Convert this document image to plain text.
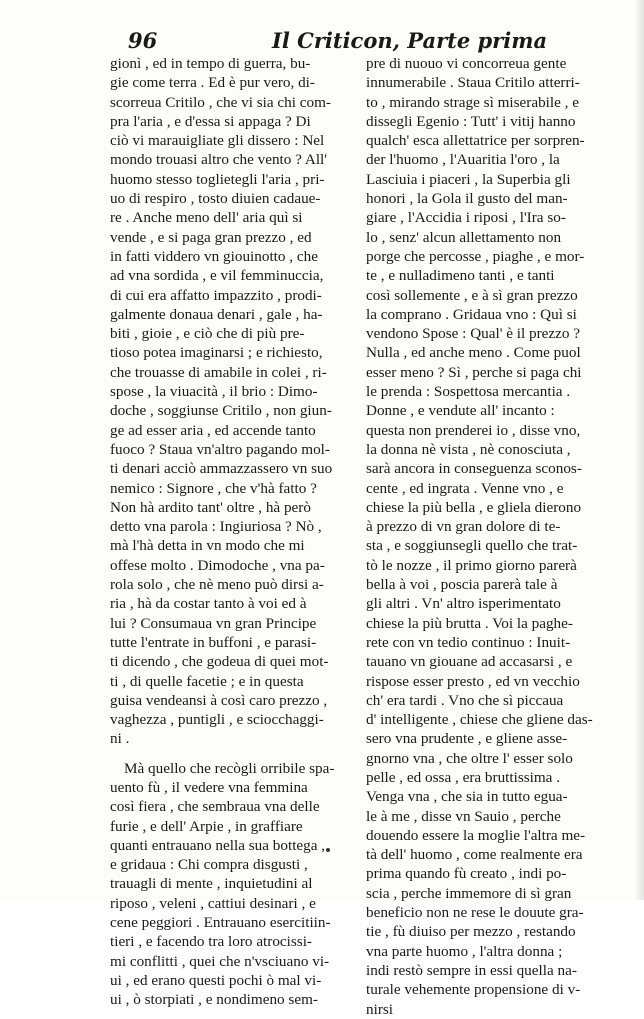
96	Il Criticon, Parte prima
gionì , ed in tempo di guerra, bu-
gie come terra . Ed è pur vero, di-
scorreua Critilo , che vi sia chi com-
pra l'aria , e d'essa si appaga ? Di
ciò vi marauigliate gli dissero : Nel
mondo trouasi altro che vento ? All'
huomo stesso toglietegli l'aria , pri-
uo di respiro , tosto diuien cadaue-
re . Anche meno dell' aria quì si
vende , e si paga gran prezzo , ed
in fatti viddero vn giouinotto , che
ad vna sordida , e vil femminuccia,
di cui era affatto impazzito , prodi-
galmente donaua denari , gale , ha-
biti , gioie , e ciò che di più pre-
tioso potea imaginarsi ; e richiesto,
che trouasse di amabile in colei , ri-
spose , la viuacità , il brio : Dimo-
doche , soggiunse Critilo , non giun-
ge ad esser aria , ed accende tanto
fuoco ? Staua vn'altro pagando mol-
ti denari acciò ammazzassero vn suo
nemico : Signore , che v'hà fatto ?
Non hà ardito tant' oltre , hà però
detto vna parola : Ingiuriosa ? Nò ,
mà l'hà detta in vn modo che mi
offese molto . Dimodoche , vna pa-
rola solo , che nè meno può dirsi a-
ria , hà da costar tanto à voi ed à
lui ? Consumaua vn gran Principe
tutte l'entrate in buffoni , e parasi-
ti dicendo , che godeua di quei mot-
ti , di quelle facetie ; e in questa
guisa vendeansi à così caro prezzo ,
vaghezza , puntigli , e sciocchaggi-
ni .
Mà quello che recògli orribile spa-
uento fù , il vedere vna femmina
così fiera , che sembraua vna delle
furie , e dell' Arpie , in graffiare
quanti entrauano nella sua bottega ,
e gridaua : Chi compra disgusti ,
trauagli di mente , inquietudini al
riposo , veleni , cattiui desinari , e
cene peggiori . Entrauano esercitiin-
tieri , e facendo tra loro atrocissi-
mi conflitti , quei che n'vsciuano vi-
ui , ed erano questi pochi ò mal vi-
ui , ò storpiati , e nondimeno sem-
pre di nuouo vi concorreua gente
innumerabile . Staua Critilo atterri-
to , mirando strage sì miserabile , e
dissegli Egenio : Tutt' i vitij hanno
qualch' esca allettatrice per sorpren-
der l'huomo , l'Auaritia l'oro , la
Lasciuia i piaceri , la Superbia gli
honori , la Gola il gusto del man-
giare , l'Accidia i riposi , l'Ira so-
lo , senz' alcun allettamento non
porge che percosse , piaghe , e mor-
te , e nulladimeno tanti , e tanti
così sollemente , e à sì gran prezzo
la comprano . Gridaua vno : Quì si
vendono Spose : Qual' è il prezzo ?
Nulla , ed anche meno . Come puol
esser meno ? Sì , perche si paga chi
le prenda : Sospettosa mercantia .
Donne , e vendute all' incanto :
questa non prenderei io , disse vno,
la donna nè vista , nè conosciuta ,
sarà ancora in conseguenza sconos-
cente , ed ingrata . Venne vno , e
chiese la più bella , e gliela dierono
à prezzo di vn gran dolore di te-
sta , e soggiunsegli quello che trat-
tò le nozze , il primo giorno parerà
bella à voi , poscia parerà tale à
gli altri . Vn' altro isperimentato
chiese la più brutta . Voi la paghe-
rete con vn tedio continuo : Inuit-
tauano vn giouane ad accasarsi , e
rispose esser presto , ed vn vecchio
ch' era tardi . Vno che sì piccaua
d' intelligente , chiese che gliene das-
sero vna prudente , e gliene asse-
gnorno vna , che oltre l' esser solo
pelle , ed ossa , era bruttissima .
Venga vna , che sia in tutto egua-
le à me , disse vn Sauio , perche
douendo essere la moglie l'altra me-
tà dell' huomo , come realmente era
prima quando fù creato , indi po-
scia , perche immemore di sì gran
beneficio non ne rese le douute gra-
tie , fù diuiso per mezzo , restando
vna parte huomo , l'altra donna ;
indi restò sempre in essi quella na-
turale vehemente propensione di v-
nirsi
